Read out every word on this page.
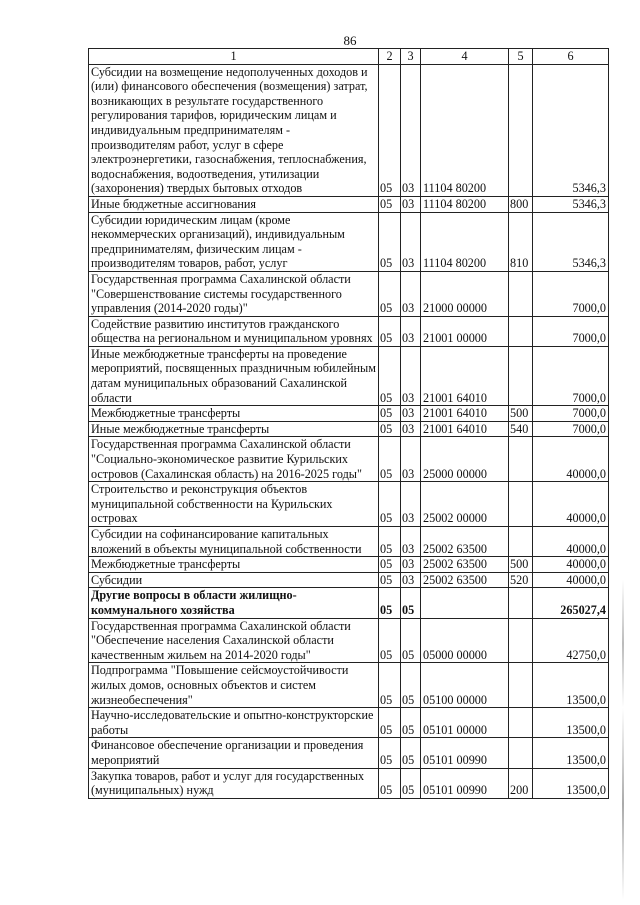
86
1	2	3	4	5	6
Субсидии на возмещение недополученных доходов и (или) финансового обеспечения (возмещения) затрат, возникающих в результате государственного регулирования тарифов, юридическим лицам и индивидуальным предпринимателям - производителям работ, услуг в сфере электроэнергетики, газоснабжения, теплоснабжения, водоснабжения, водоотведения, утилизации (захоронения) твердых бытовых отходов	05	03	11104 80200		5346,3
Иные бюджетные ассигнования	05	03	11104 80200	800	5346,3
Субсидии юридическим лицам (кроме некоммерческих организаций), индивидуальным предпринимателям, физическим лицам - производителям товаров, работ, услуг	05	03	11104 80200	810	5346,3
Государственная программа Сахалинской области "Совершенствование системы государственного управления (2014-2020 годы)"	05	03	21000 00000		7000,0
Содействие развитию институтов гражданского общества на региональном и муниципальном уровнях	05	03	21001 00000		7000,0
Иные межбюджетные трансферты на проведение мероприятий, посвященных праздничным юбилейным датам муниципальных образований Сахалинской области	05	03	21001 64010		7000,0
Межбюджетные трансферты	05	03	21001 64010	500	7000,0
Иные межбюджетные трансферты	05	03	21001 64010	540	7000,0
Государственная программа Сахалинской области "Социально-экономическое развитие Курильских островов (Сахалинская область) на 2016-2025 годы"	05	03	25000 00000		40000,0
Строительство и реконструкция объектов муниципальной собственности на Курильских островах	05	03	25002 00000		40000,0
Субсидии на софинансирование капитальных вложений в объекты муниципальной собственности	05	03	25002 63500		40000,0
Межбюджетные трансферты	05	03	25002 63500	500	40000,0
Субсидии	05	03	25002 63500	520	40000,0
Другие вопросы в области жилищно-коммунального хозяйства	05	05			265027,4
Государственная программа Сахалинской области "Обеспечение населения Сахалинской области качественным жильем на 2014-2020 годы"	05	05	05000 00000		42750,0
Подпрограмма "Повышение сейсмоустойчивости жилых домов, основных объектов и систем жизнеобеспечения"	05	05	05100 00000		13500,0
Научно-исследовательские и опытно-конструкторские работы	05	05	05101 00000		13500,0
Финансовое обеспечение организации и проведения мероприятий	05	05	05101 00990		13500,0
Закупка товаров, работ и услуг для государственных (муниципальных) нужд	05	05	05101 00990	200	13500,0
